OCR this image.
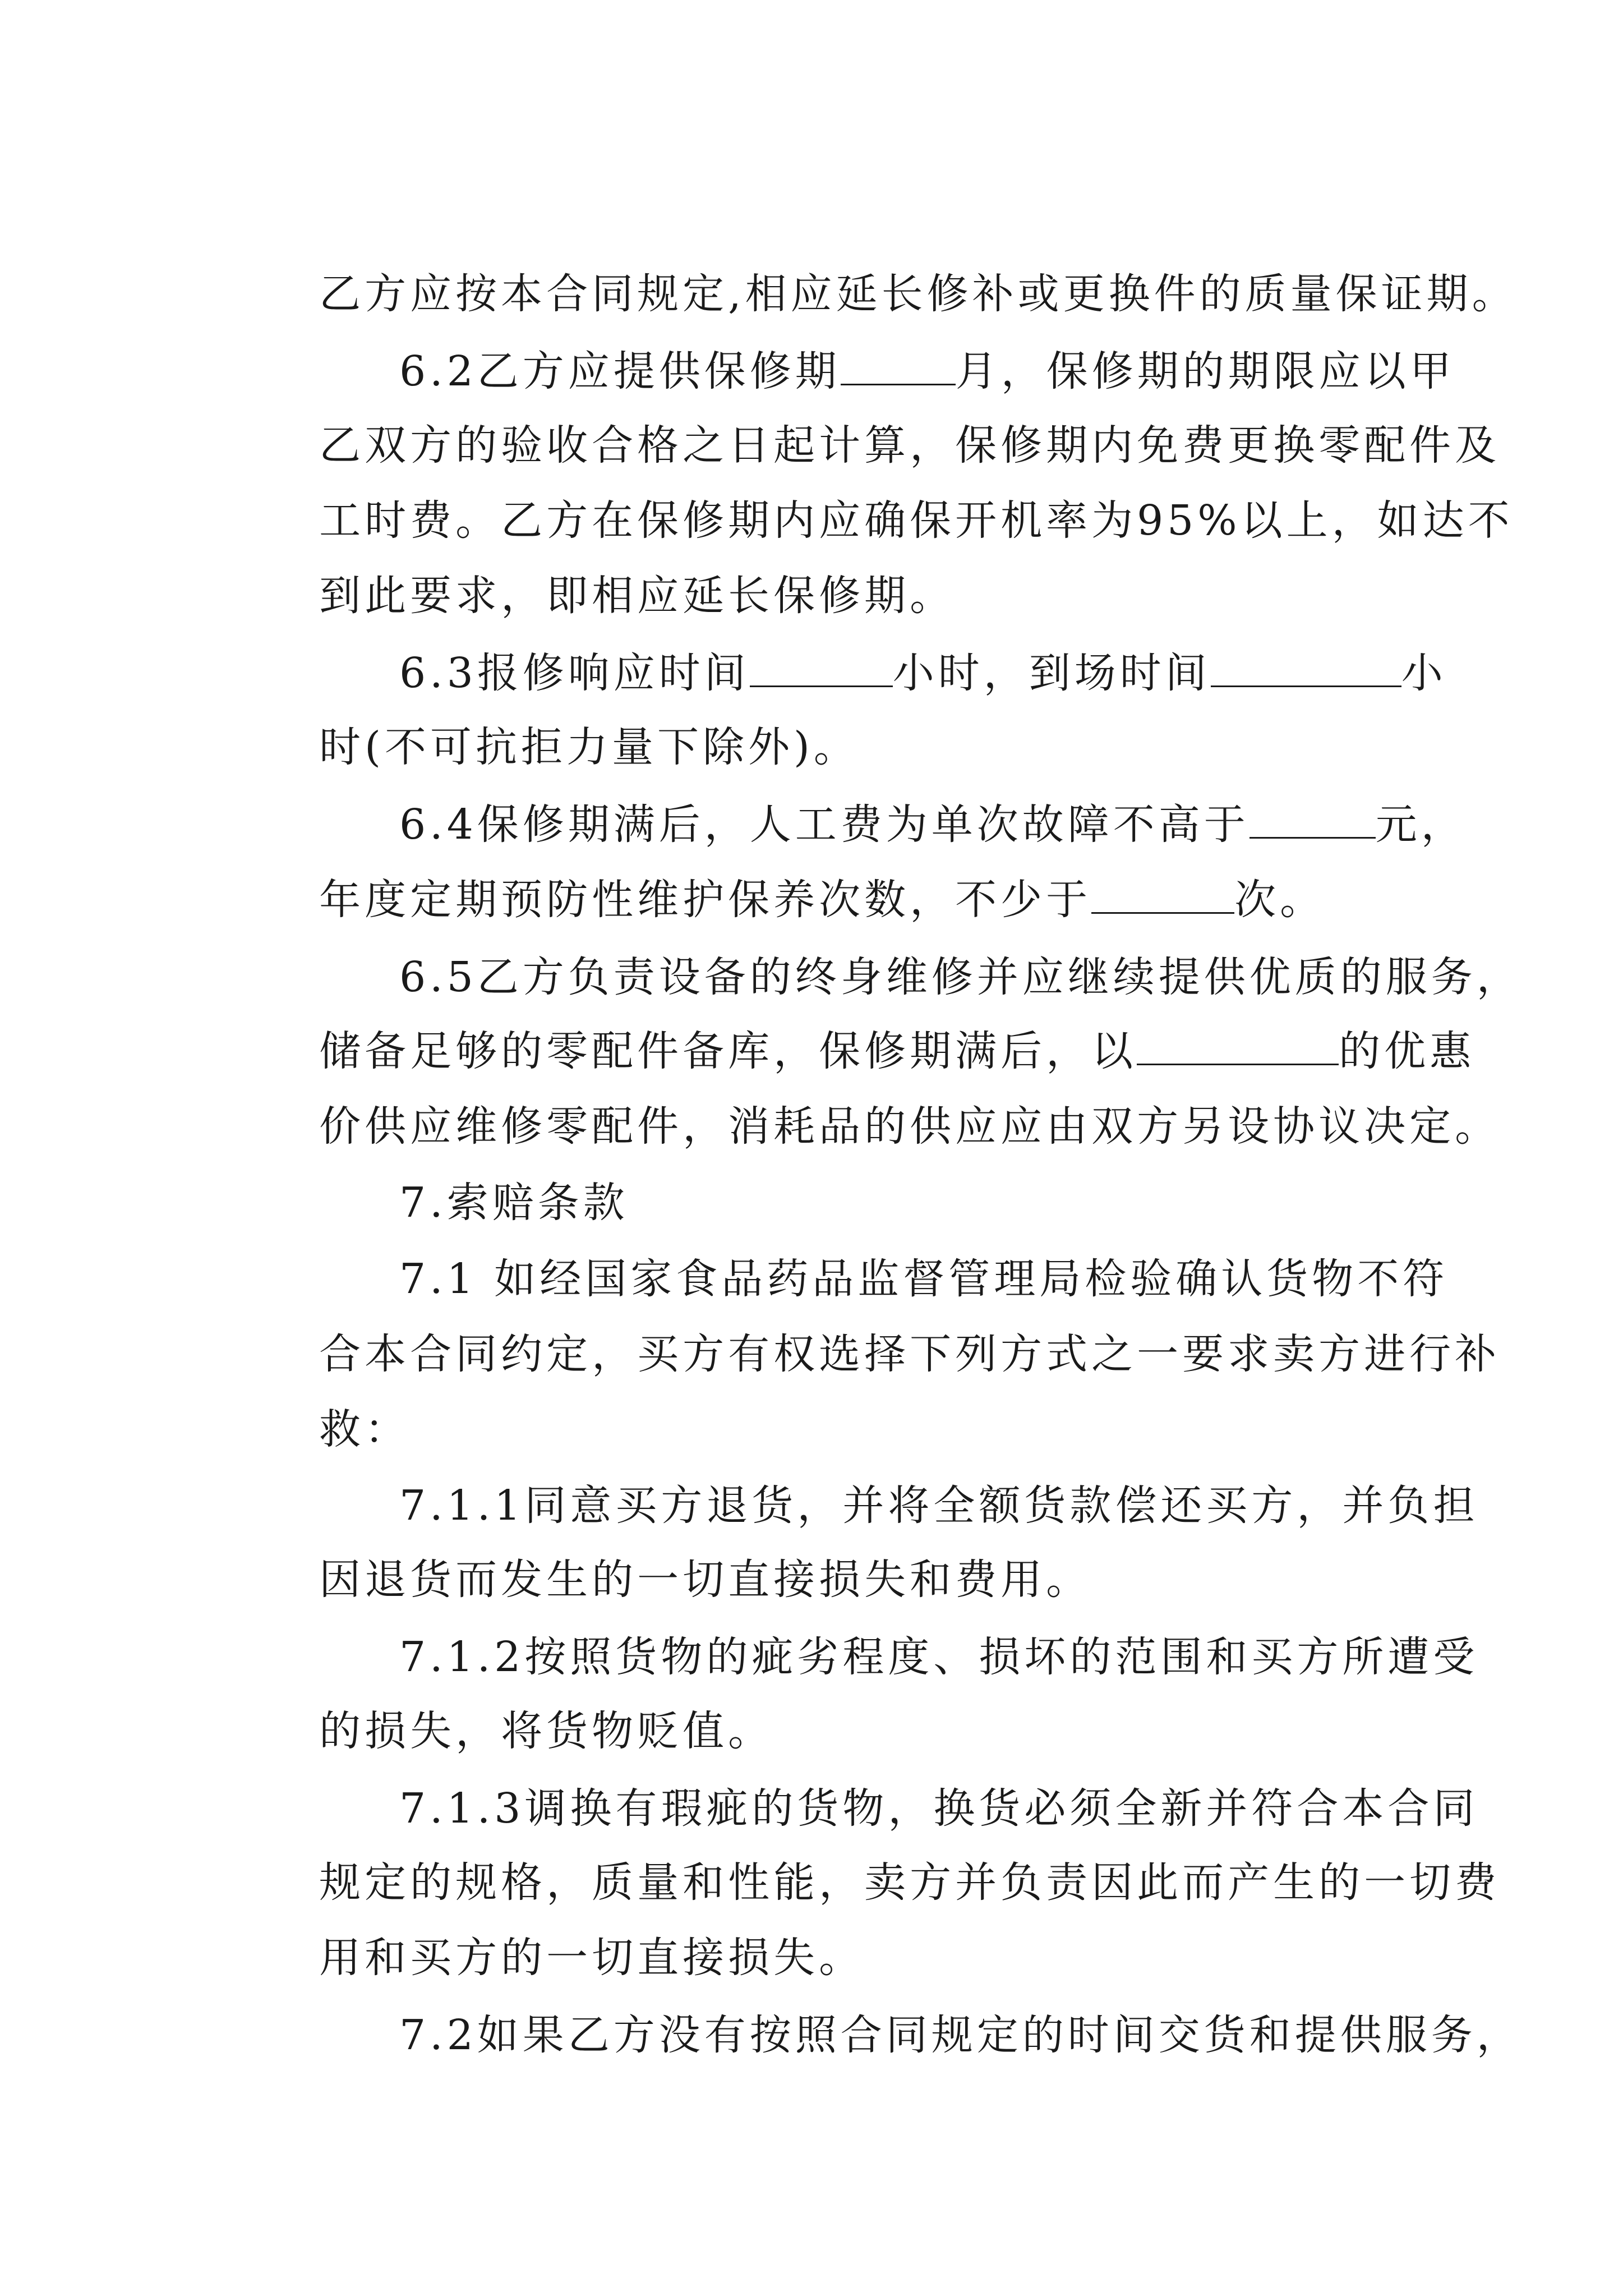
乙方应按本合同规定,相应延长修补或更换件的质量保证期。

6.2乙方应提供保修期	月，保修期的期限应以甲

乙双方的验收合格之日起计算，保修期内免费更换零配件及

工时费。乙方在保修期内应确保开机率为95%以上，如达不

到此要求，即相应延长保修期。

6.3报修响应时间	小时，到场时间	小

时(不可抗拒力量下除外)。

6.4保修期满后，人工费为单次故障不高于	元，

年度定期预防性维护保养次数，不少于	次。

6.5乙方负责设备的终身维修并应继续提供优质的服务，

储备足够的零配件备库，保修期满后，以	的优惠

价供应维修零配件，消耗品的供应应由双方另设协议决定。

7.索赔条款

7.1 如经国家食品药品监督管理局检验确认货物不符

合本合同约定，买方有权选择下列方式之一要求卖方进行补

救：

7.1.1同意买方退货，并将全额货款偿还买方，并负担

因退货而发生的一切直接损失和费用。

7.1.2按照货物的疵劣程度、损坏的范围和买方所遭受

的损失，将货物贬值。

7.1.3调换有瑕疵的货物，换货必须全新并符合本合同

规定的规格，质量和性能，卖方并负责因此而产生的一切费

用和买方的一切直接损失。

7.2如果乙方没有按照合同规定的时间交货和提供服务，
